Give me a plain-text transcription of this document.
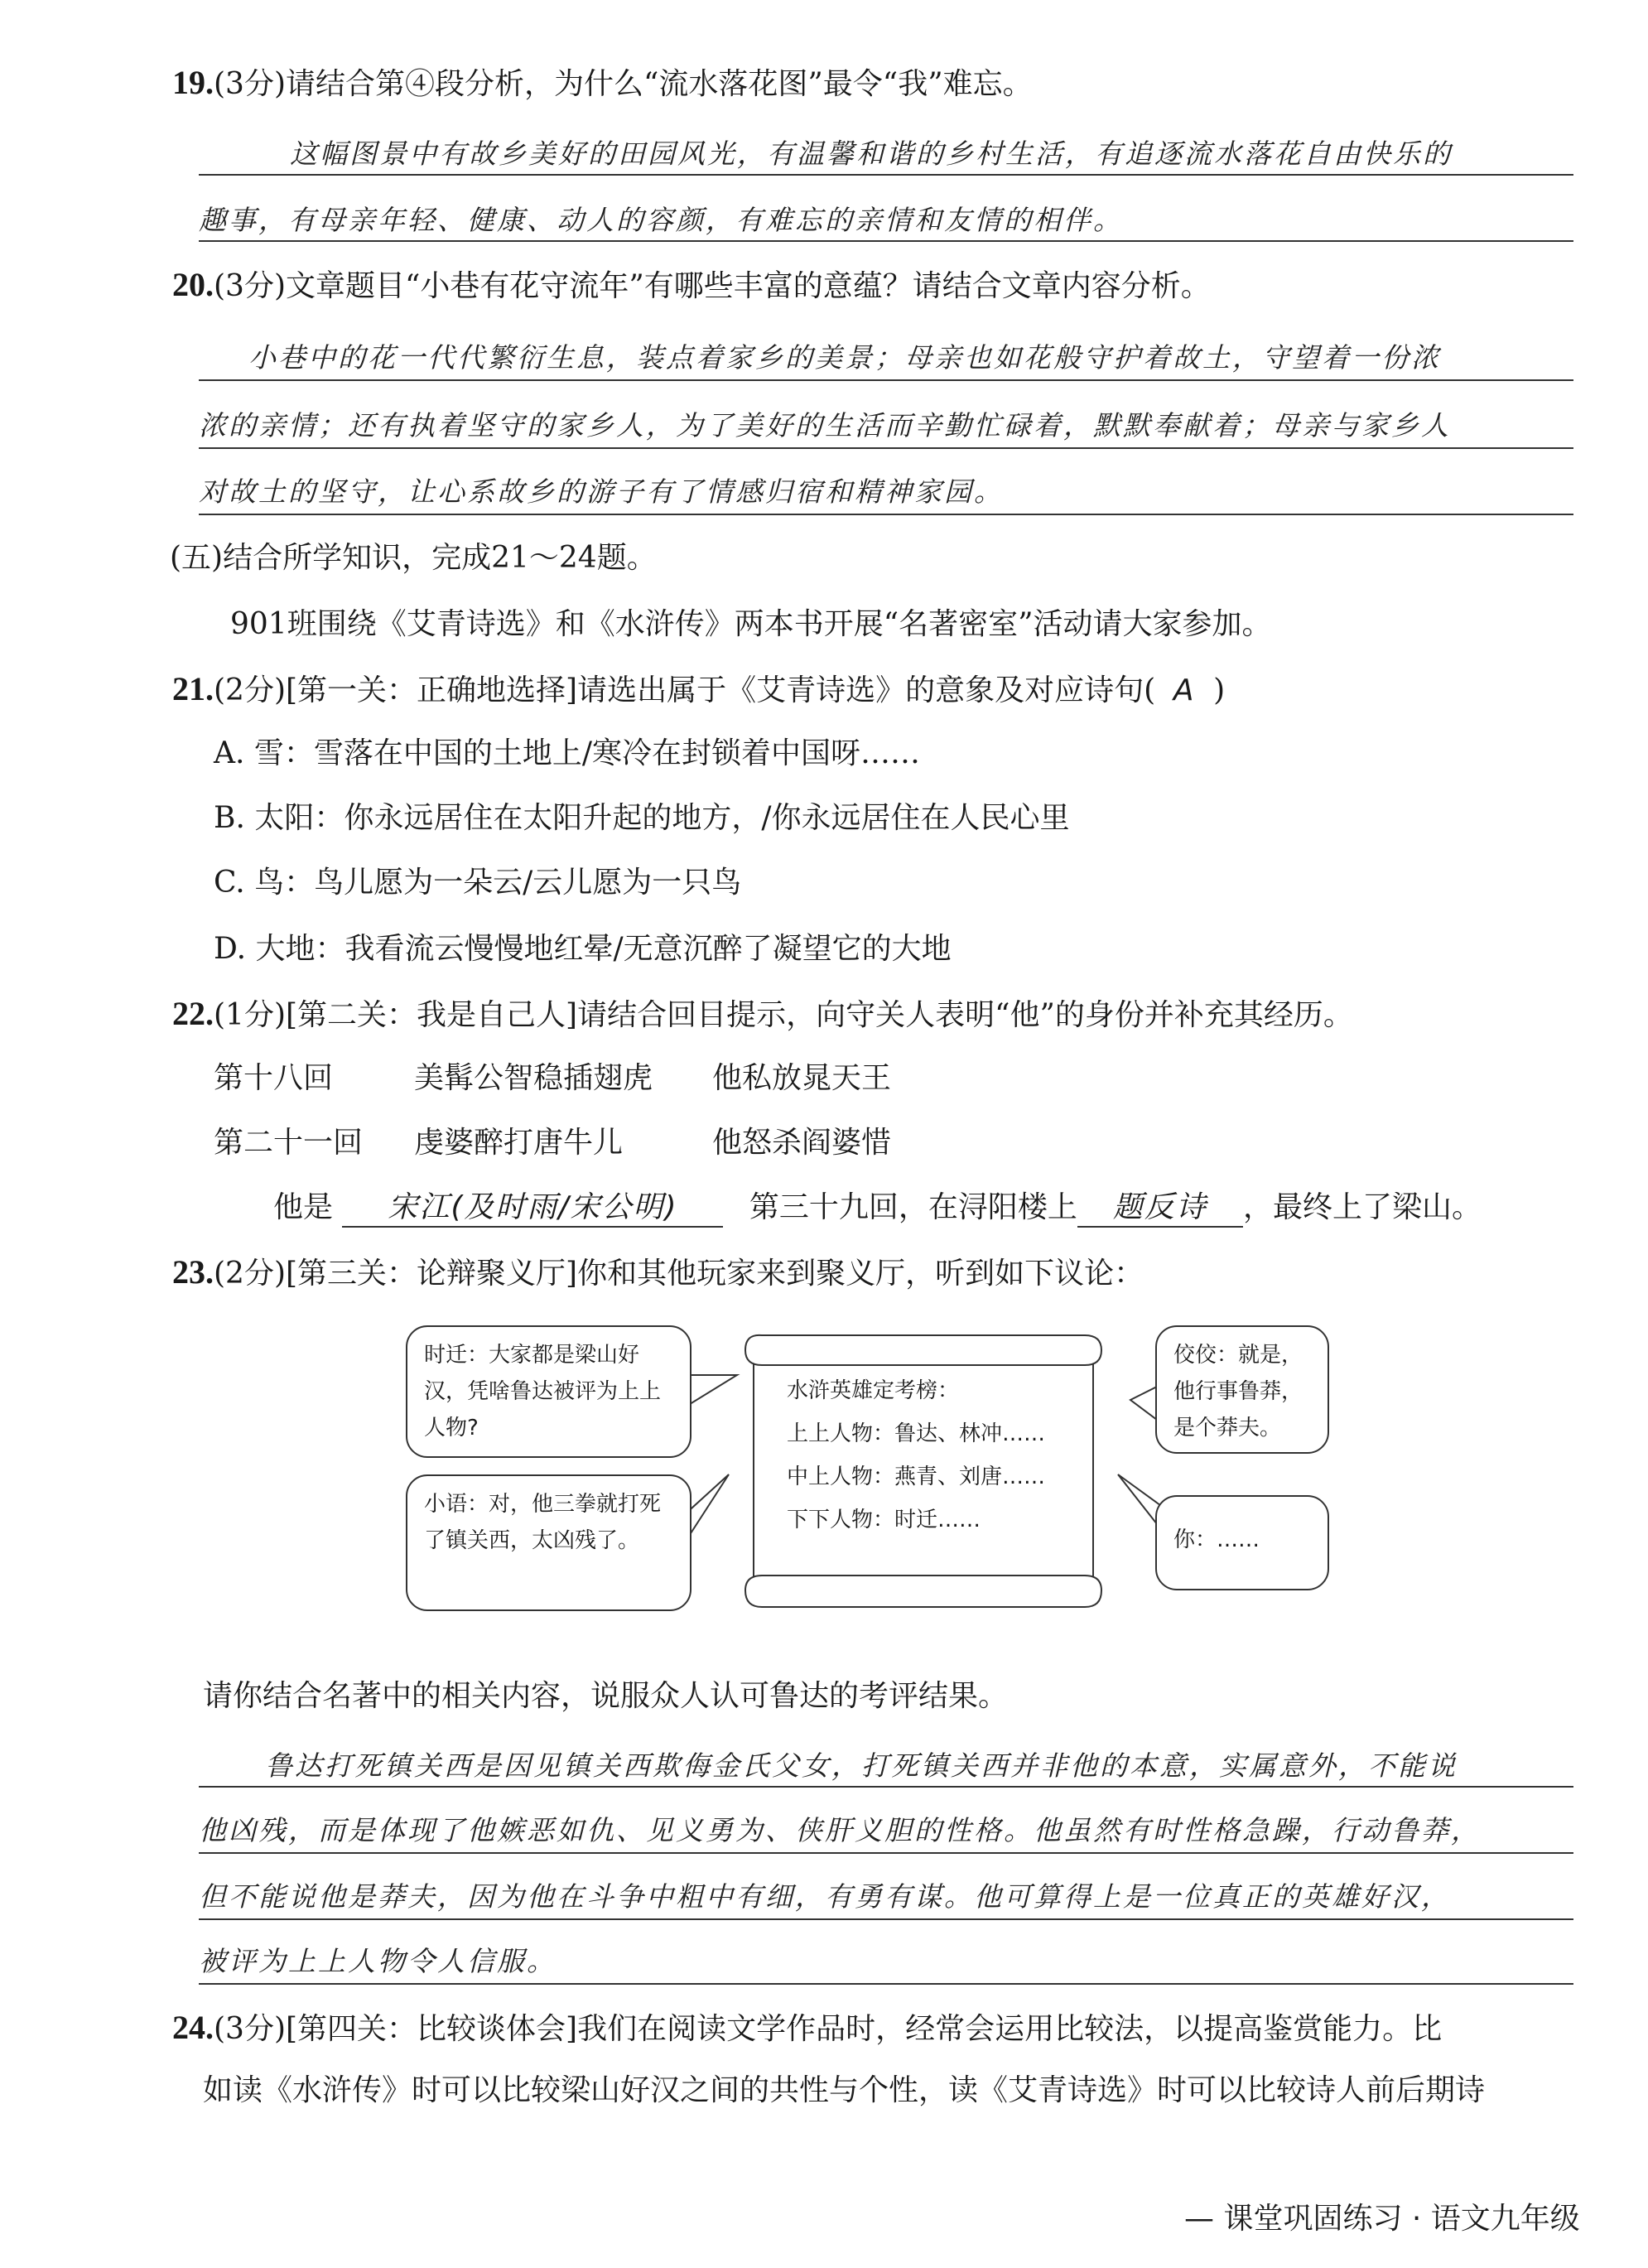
19.(3分)请结合第④段分析，为什么“流水落花图”最令“我”难忘。
这幅图景中有故乡美好的田园风光，有温馨和谐的乡村生活，有追逐流水落花自由快乐的
趣事，有母亲年轻、健康、动人的容颜，有难忘的亲情和友情的相伴。
20.(3分)文章题目“小巷有花守流年”有哪些丰富的意蕴？请结合文章内容分析。
小巷中的花一代代繁衍生息，装点着家乡的美景；母亲也如花般守护着故土，守望着一份浓
浓的亲情；还有执着坚守的家乡人，为了美好的生活而辛勤忙碌着，默默奉献着；母亲与家乡人
对故土的坚守，让心系故乡的游子有了情感归宿和精神家园。
(五)结合所学知识，完成21～24题。
901班围绕《艾青诗选》和《水浒传》两本书开展“名著密室”活动请大家参加。
21.(2分)[第一关：正确地选择]请选出属于《艾青诗选》的意象及对应诗句( A )
A. 雪：雪落在中国的土地上/寒冷在封锁着中国呀……
B. 太阳：你永远居住在太阳升起的地方，/你永远居住在人民心里
C. 鸟：鸟儿愿为一朵云/云儿愿为一只鸟
D. 大地：我看流云慢慢地红晕/无意沉醉了凝望它的大地
22.(1分)[第二关：我是自己人]请结合回目提示，向守关人表明“他”的身份并补充其经历。
第十八回	美髯公智稳插翅虎 他私放晁天王
第二十一回 虔婆醉打唐牛儿	他怒杀阎婆惜
他是 宋江(及时雨/宋公明) 第三十九回，在浔阳楼上 题反诗 ，最终上了梁山。
23.(2分)[第三关：论辩聚义厅]你和其他玩家来到聚义厅，听到如下议论：
时迁：大家都是梁山好汉，凭啥鲁达被评为上上人物?
小语：对，他三拳就打死了镇关西，太凶残了。
佼佼：就是，他行事鲁莽，是个莽夫。
你：……
水浒英雄定考榜：
上上人物：鲁达、林冲……
中上人物：燕青、刘唐……
下下人物：时迁……
请你结合名著中的相关内容，说服众人认可鲁达的考评结果。
鲁达打死镇关西是因见镇关西欺侮金氏父女，打死镇关西并非他的本意，实属意外，不能说
他凶残，而是体现了他嫉恶如仇、见义勇为、侠肝义胆的性格。他虽然有时性格急躁，行动鲁莽，
但不能说他是莽夫，因为他在斗争中粗中有细，有勇有谋。他可算得上是一位真正的英雄好汉，
被评为上上人物令人信服。
24.(3分)[第四关：比较谈体会]我们在阅读文学作品时，经常会运用比较法，以提高鉴赏能力。比
如读《水浒传》时可以比较梁山好汉之间的共性与个性，读《艾青诗选》时可以比较诗人前后期诗
— 课堂巩固练习 · 语文九年级
